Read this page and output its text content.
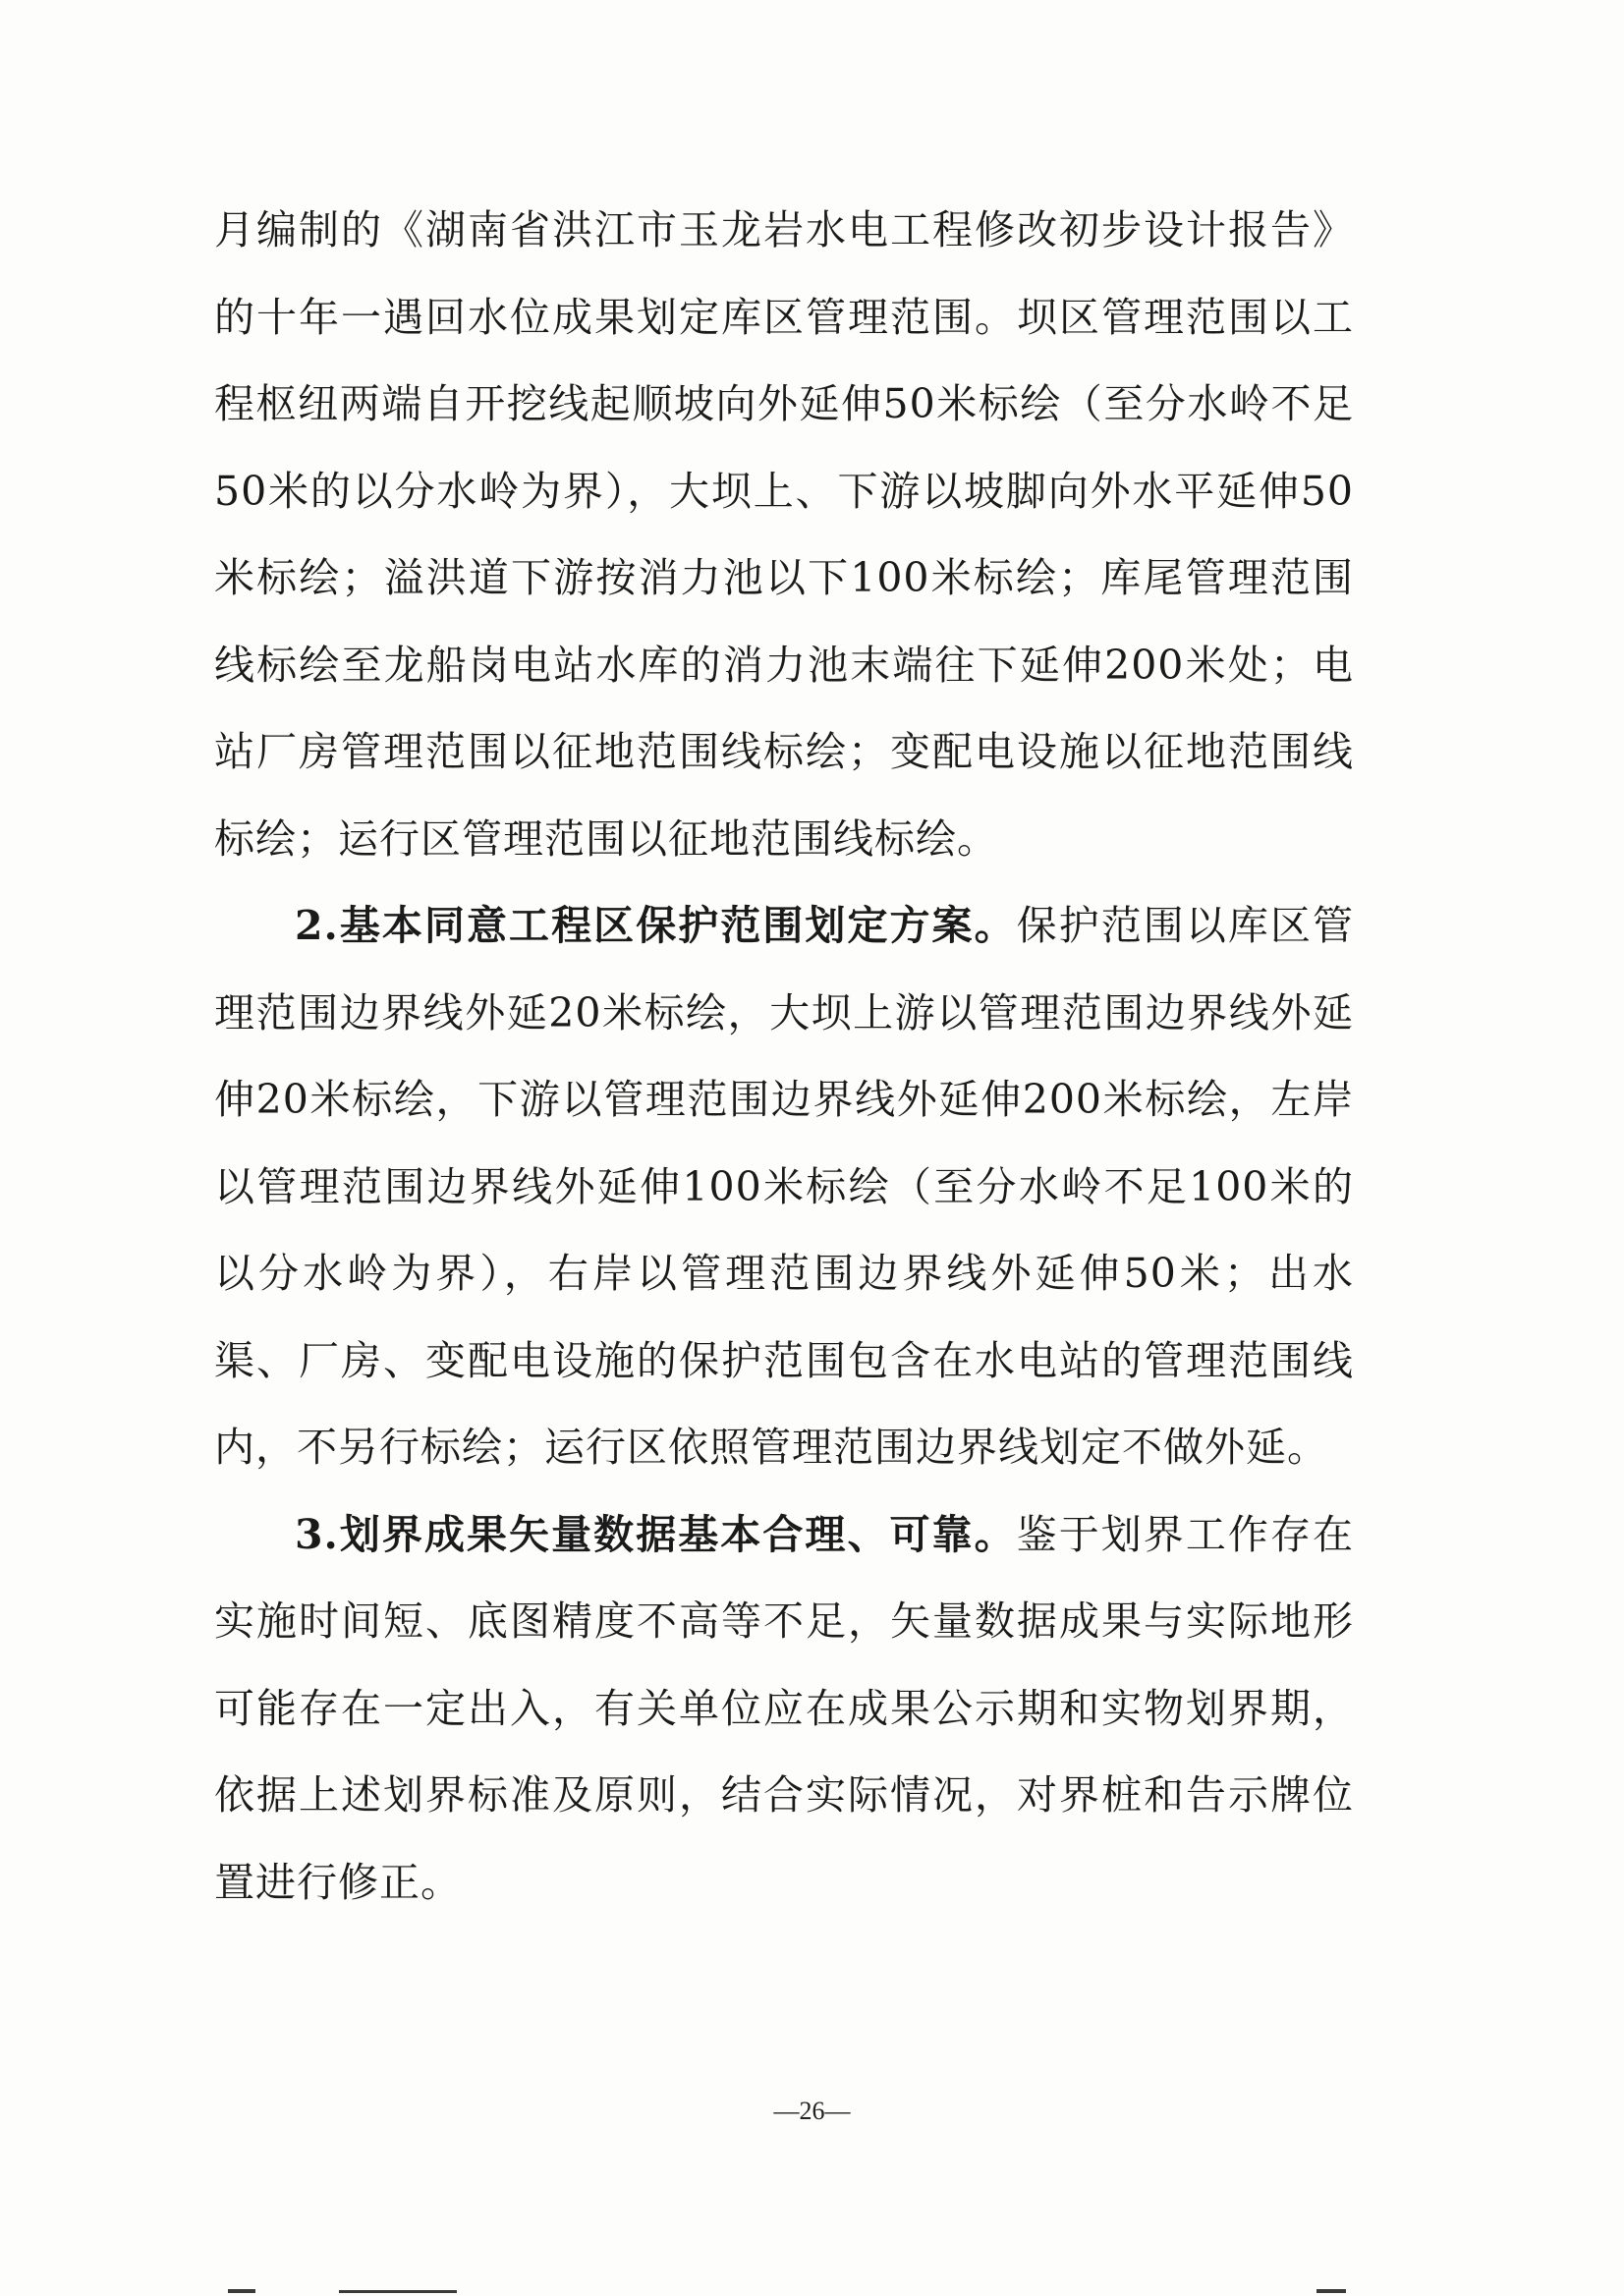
月编制的《湖南省洪江市玉龙岩水电工程修改初步设计报告》的十年一遇回水位成果划定库区管理范围。坝区管理范围以工程枢纽两端自开挖线起顺坡向外延伸50米标绘（至分水岭不足50米的以分水岭为界），大坝上、下游以坡脚向外水平延伸50米标绘；溢洪道下游按消力池以下100米标绘；库尾管理范围线标绘至龙船岗电站水库的消力池末端往下延伸200米处；电站厂房管理范围以征地范围线标绘；变配电设施以征地范围线标绘；运行区管理范围以征地范围线标绘。

2.基本同意工程区保护范围划定方案。保护范围以库区管理范围边界线外延20米标绘，大坝上游以管理范围边界线外延伸20米标绘，下游以管理范围边界线外延伸200米标绘，左岸以管理范围边界线外延伸100米标绘（至分水岭不足100米的以分水岭为界），右岸以管理范围边界线外延伸50米；出水渠、厂房、变配电设施的保护范围包含在水电站的管理范围线内，不另行标绘；运行区依照管理范围边界线划定不做外延。

3.划界成果矢量数据基本合理、可靠。鉴于划界工作存在实施时间短、底图精度不高等不足，矢量数据成果与实际地形可能存在一定出入，有关单位应在成果公示期和实物划界期，依据上述划界标准及原则，结合实际情况，对界桩和告示牌位置进行修正。

—26—
